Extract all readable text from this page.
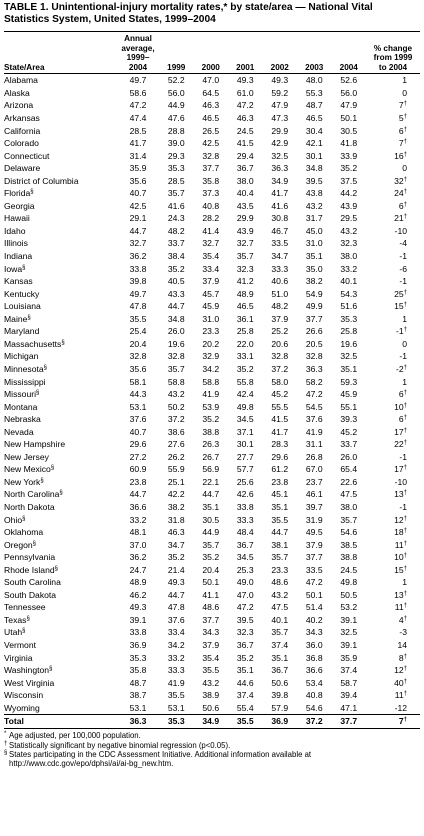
TABLE 1. Unintentional-injury mortality rates,* by state/area — National Vital Statistics System, United States, 1999–2004
State/Area	Annual
average,
1999–
2004	1999	2000	2001	2002	2003	2004	% change
from 1999
to 2004

Alabama	49.7	52.2	47.0	49.3	49.3	48.0	52.6	1
Alaska	58.6	56.0	64.5	61.0	59.2	55.3	56.0	0
Arizona	47.2	44.9	46.3	47.2	47.9	48.7	47.9	7†
Arkansas	47.4	47.6	46.5	46.3	47.3	46.5	50.1	5†
California	28.5	28.8	26.5	24.5	29.9	30.4	30.5	6†
Colorado	41.7	39.0	42.5	41.5	42.9	42.1	41.8	7†
Connecticut	31.4	29.3	32.8	29.4	32.5	30.1	33.9	16†
Delaware	35.9	35.3	37.7	36.7	36.3	34.8	35.2	0
District of Columbia	35.6	28.5	35.8	38.0	34.9	39.5	37.5	32†
Florida§	40.7	35.7	37.3	40.4	41.7	43.8	44.2	24†
Georgia	42.5	41.6	40.8	43.5	41.6	43.2	43.9	6†
Hawaii	29.1	24.3	28.2	29.9	30.8	31.7	29.5	21†
Idaho	44.7	48.2	41.4	43.9	46.7	45.0	43.2	-10
Illinois	32.7	33.7	32.7	32.7	33.5	31.0	32.3	-4
Indiana	36.2	38.4	35.4	35.7	34.7	35.1	38.0	-1
Iowa§	33.8	35.2	33.4	32.3	33.3	35.0	33.2	-6
Kansas	39.8	40.5	37.9	41.2	40.6	38.2	40.1	-1
Kentucky	49.7	43.3	45.7	48.9	51.0	54.9	54.3	25†
Louisiana	47.8	44.7	45.9	46.5	48.2	49.9	51.6	15†
Maine§	35.5	34.8	31.0	36.1	37.9	37.7	35.3	1
Maryland	25.4	26.0	23.3	25.8	25.2	26.6	25.8	-1†
Massachusetts§	20.4	19.6	20.2	22.0	20.6	20.5	19.6	0
Michigan	32.8	32.8	32.9	33.1	32.8	32.8	32.5	-1
Minnesota§	35.6	35.7	34.2	35.2	37.2	36.3	35.1	-2†
Mississippi	58.1	58.8	58.8	55.8	58.0	58.2	59.3	1
Missouri§	44.3	43.2	41.9	42.4	45.2	47.2	45.9	6†
Montana	53.1	50.2	53.9	49.8	55.5	54.5	55.1	10†
Nebraska	37.6	37.2	35.2	34.5	41.5	37.6	39.3	6†
Nevada	40.7	38.6	38.8	37.1	41.7	41.9	45.2	17†
New Hampshire	29.6	27.6	26.3	30.1	28.3	31.1	33.7	22†
New Jersey	27.2	26.2	26.7	27.7	29.6	26.8	26.0	-1
New Mexico§	60.9	55.9	56.9	57.7	61.2	67.0	65.4	17†
New York§	23.8	25.1	22.1	25.6	23.8	23.7	22.6	-10
North Carolina§	44.7	42.2	44.7	42.6	45.1	46.1	47.5	13†
North Dakota	36.6	38.2	35.1	33.8	35.1	39.7	38.0	-1
Ohio§	33.2	31.8	30.5	33.3	35.5	31.9	35.7	12†
Oklahoma	48.1	46.3	44.9	48.4	44.7	49.5	54.6	18†
Oregon§	37.0	34.7	35.7	36.7	38.1	37.9	38.5	11†
Pennsylvania	36.2	35.2	35.2	34.5	35.7	37.7	38.8	10†
Rhode Island§	24.7	21.4	20.4	25.3	23.3	33.5	24.5	15†
South Carolina	48.9	49.3	50.1	49.0	48.6	47.2	49.8	1
South Dakota	46.2	44.7	41.1	47.0	43.2	50.1	50.5	13†
Tennessee	49.3	47.8	48.6	47.2	47.5	51.4	53.2	11†
Texas§	39.1	37.6	37.7	39.5	40.1	40.2	39.1	4†
Utah§	33.8	33.4	34.3	32.3	35.7	34.3	32.5	-3
Vermont	36.9	34.2	37.9	36.7	37.4	36.0	39.1	14
Virginia	35.3	33.2	35.4	35.2	35.1	36.8	35.9	8†
Washington§	35.8	33.3	35.5	35.1	36.7	36.6	37.4	12†
West Virginia	48.7	41.9	43.2	44.6	50.6	53.4	58.7	40†
Wisconsin	38.7	35.5	38.9	37.4	39.8	40.8	39.4	11†
Wyoming	53.1	53.1	50.6	55.4	57.9	54.6	47.1	-12
Total	36.3	35.3	34.9	35.5	36.9	37.2	37.7	7†
* Age adjusted, per 100,000 population.
† Statistically significant by negative binomial regression (p<0.05).
§ States participating in the CDC Assessment Initiative. Additional information available at http://www.cdc.gov/epo/dphsi/ai/ai-bg_new.htm.
